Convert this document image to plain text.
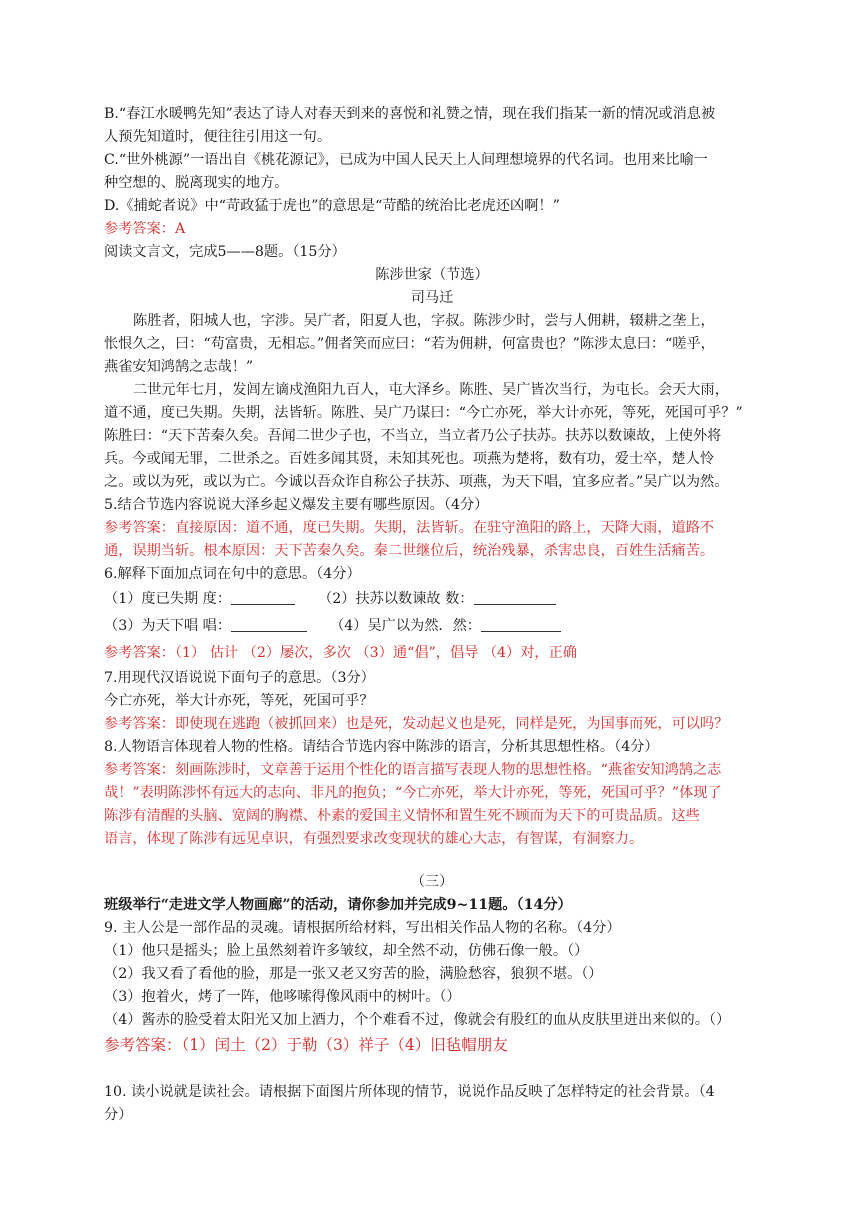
B.“春江水暖鸭先知”表达了诗人对春天到来的喜悦和礼赞之情，现在我们指某一新的情况或消息被
人预先知道时，便往往引用这一句。
C.“世外桃源”一语出自《桃花源记》，已成为中国人民天上人间理想境界的代名词。也用来比喻一
种空想的、脱离现实的地方。
D.《捕蛇者说》中“苛政猛于虎也”的意思是“苛酷的统治比老虎还凶啊！”
参考答案：A
阅读文言文，完成5——8题。（15分）
陈涉世家（节选）
司马迁
陈胜者，阳城人也，字涉。吴广者，阳夏人也，字叔。陈涉少时，尝与人佣耕，辍耕之垄上，
怅恨久之，曰：“苟富贵，无相忘。”佣者笑而应曰：“若为佣耕，何富贵也？”陈涉太息曰：“嗟乎，
燕雀安知鸿鹄之志哉！”
二世元年七月，发闾左谪戍渔阳九百人，屯大泽乡。陈胜、吴广皆次当行，为屯长。会天大雨，
道不通，度已失期。失期，法皆斩。陈胜、吴广乃谋曰：“今亡亦死，举大计亦死，等死，死国可乎？”
陈胜曰：“天下苦秦久矣。吾闻二世少子也，不当立，当立者乃公子扶苏。扶苏以数谏故，上使外将
兵。今或闻无罪，二世杀之。百姓多闻其贤，未知其死也。项燕为楚将，数有功，爱士卒，楚人怜
之。或以为死，或以为亡。今诚以吾众诈自称公子扶苏、项燕，为天下唱，宜多应者。”吴广以为然。
5.结合节选内容说说大泽乡起义爆发主要有哪些原因。（4分）
参考答案：直接原因：道不通，度已失期。失期，法皆斩。在驻守渔阳的路上，天降大雨，道路不
通，误期当斩。根本原因：天下苦秦久矣。秦二世继位后，统治残暴，杀害忠良，百姓生活痛苦。
6.解释下面加点词在句中的意思。（4分）
（1）度已失期 度：	（2）扶苏以数谏故 数：
（3）为天下唱 唱：	（4）吴广以为然．然：
参考答案：（1） 估计 （2）屡次，多次 （3）通“倡”，倡导 （4）对，正确
7.用现代汉语说说下面句子的意思。（3分）
今亡亦死，举大计亦死，等死，死国可乎？
参考答案：即使现在逃跑（被抓回来）也是死，发动起义也是死，同样是死，为国事而死，可以吗？
8.人物语言体现着人物的性格。请结合节选内容中陈涉的语言，分析其思想性格。（4分）
参考答案：刻画陈涉时，文章善于运用个性化的语言描写表现人物的思想性格。“燕雀安知鸿鹄之志
哉！”表明陈涉怀有远大的志向、非凡的抱负；“今亡亦死，举大计亦死，等死，死国可乎？”体现了
陈涉有清醒的头脑、宽阔的胸襟、朴素的爱国主义情怀和置生死不顾而为天下的可贵品质。这些
语言，体现了陈涉有远见卓识，有强烈要求改变现状的雄心大志，有智谋，有洞察力。
（三）
班级举行“走进文学人物画廊”的活动，请你参加并完成9~11题。（14分）
9. 主人公是一部作品的灵魂。请根据所给材料，写出相关作品人物的名称。（4分）
（1）他只是摇头；脸上虽然刻着许多皱纹，却全然不动，仿佛石像一般。（）
（2）我又看了看他的脸，那是一张又老又穷苦的脸，满脸愁容，狼狈不堪。（）
（3）抱着火，烤了一阵，他哆嗦得像风雨中的树叶。（）
（4）酱赤的脸受着太阳光又加上酒力，个个难看不过，像就会有股红的血从皮肤里迸出来似的。（）
参考答案：（1）闰土（2）于勒（3）祥子（4）旧毡帽朋友
10. 读小说就是读社会。请根据下面图片所体现的情节，说说作品反映了怎样特定的社会背景。（4
分）
